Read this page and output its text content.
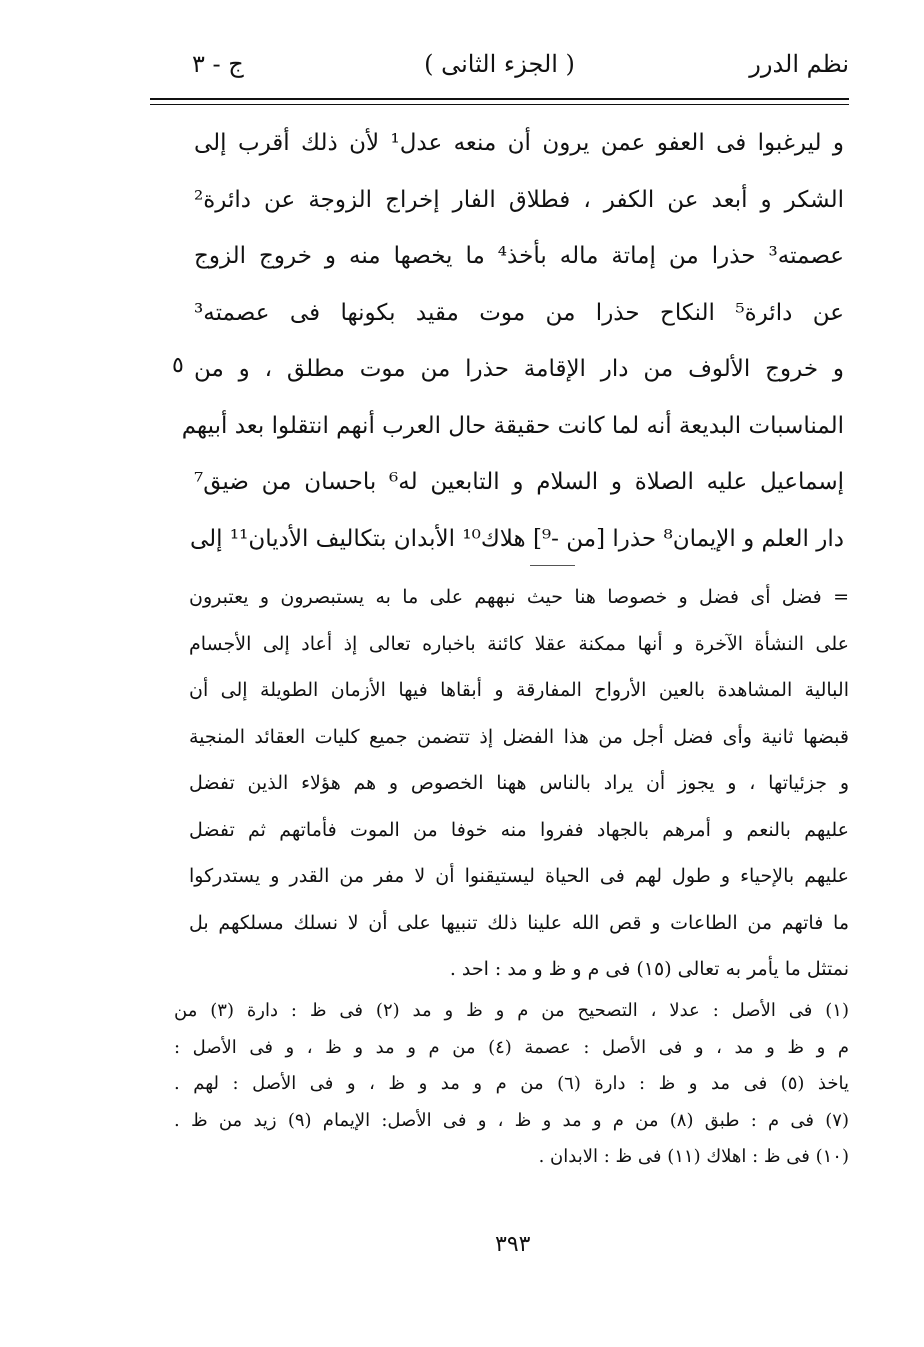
نظم الدرر
( الجزء الثانى )
ج - ٣
و ليرغبوا فى العفو عمن يرون أن منعه عدل¹ لأن ذلك أقرب إلى
الشكر و أبعد عن الكفر ، فطلاق الفار إخراج الزوجة عن دائرة²
عصمته³ حذرا من إماتة ماله بأخذ⁴ ما يخصها منه و خروج الزوج
عن دائرة⁵ النكاح حذرا من موت مقيد بكونها فى عصمته³
و خروج الألوف من دار الإقامة حذرا من موت مطلق ، و من
المناسبات البديعة أنه لما كانت حقيقة حال العرب أنهم انتقلوا بعد أبيهم
إسماعيل عليه الصلاة و السلام و التابعين له⁶ باحسان من ضيق⁷
دار العلم و الإيمان⁸ حذرا [من -⁹] هلاك¹⁰ الأبدان بتكاليف الأديان¹¹ إلى
٥
= فضل أى فضل و خصوصا هنا حيث نبههم على ما به يستبصرون و يعتبرون
على النشأة الآخرة و أنها ممكنة عقلا كائنة باخباره تعالى إذ أعاد إلى الأجسام
البالية المشاهدة بالعين الأرواح المفارقة و أبقاها فيها الأزمان الطويلة إلى أن
قبضها ثانية وأى فضل أجل من هذا الفضل إذ تتضمن جميع كليات العقائد المنجية
و جزئياتها ، و يجوز أن يراد بالناس ههنا الخصوص و هم هؤلاء الذين تفضل
عليهم بالنعم و أمرهم بالجهاد ففروا منه خوفا من الموت فأماتهم ثم تفضل
عليهم بالإحياء و طول لهم فى الحياة ليستيقنوا أن لا مفر من القدر و يستدركوا
ما فاتهم من الطاعات و قص الله علينا ذلك تنبيها على أن لا نسلك مسلكهم بل
نمتثل ما يأمر به تعالى (١٥) فى م و ظ و مد : احد .
(١) فى الأصل : عدلا ، التصحيح من م و ظ و مد (٢) فى ظ : دارة (٣) من
م و ظ و مد ، و فى الأصل : عصمة (٤) من م و مد و ظ ، و فى الأصل :
ياخذ (٥) فى مد و ظ : دارة (٦) من م و مد و ظ ، و فى الأصل : لهم .
(٧) فى م : طبق (٨) من م و مد و ظ ، و فى الأصل: الإيمام (٩) زيد من ظ .
(١٠) فى ظ : اهلاك (١١) فى ظ : الابدان .
٣٩٣
